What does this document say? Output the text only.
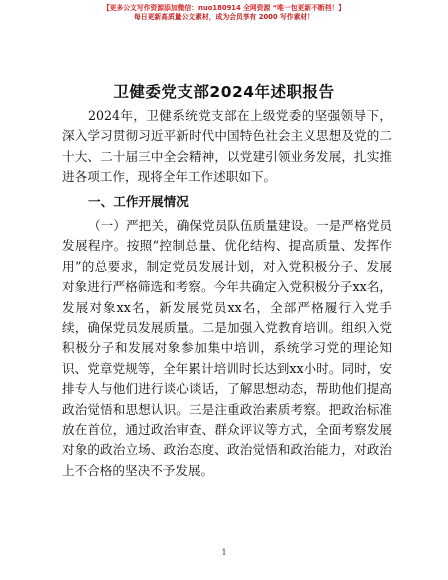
【更多公文写作资源添加微信：nuo180914 全网资源 “唯一包更新不断档！】
每日更新高质量公文素材，成为会员享有 2000 写作素材！
卫健委党支部2024年述职报告
2024年，卫健系统党支部在上级党委的坚强领导下，深入学习贯彻习近平新时代中国特色社会主义思想及党的二十大、二十届三中全会精神，以党建引领业务发展，扎实推进各项工作，现将全年工作述职如下。
一、工作开展情况
（一）严把关，确保党员队伍质量建设。一是严格党员发展程序。按照“控制总量、优化结构、提高质量、发挥作用”的总要求，制定党员发展计划，对入党积极分子、发展对象进行严格筛选和考察。今年共确定入党积极分子xx名，发展对象xx名，新发展党员xx名，全部严格履行入党手续，确保党员发展质量。二是加强入党教育培训。组织入党积极分子和发展对象参加集中培训，系统学习党的理论知识、党章党规等，全年累计培训时长达到xx小时。同时，安排专人与他们进行谈心谈话，了解思想动态，帮助他们提高政治觉悟和思想认识。三是注重政治素质考察。把政治标准放在首位，通过政治审查、群众评议等方式，全面考察发展对象的政治立场、政治态度、政治觉悟和政治能力，对政治上不合格的坚决不予发展。
1
